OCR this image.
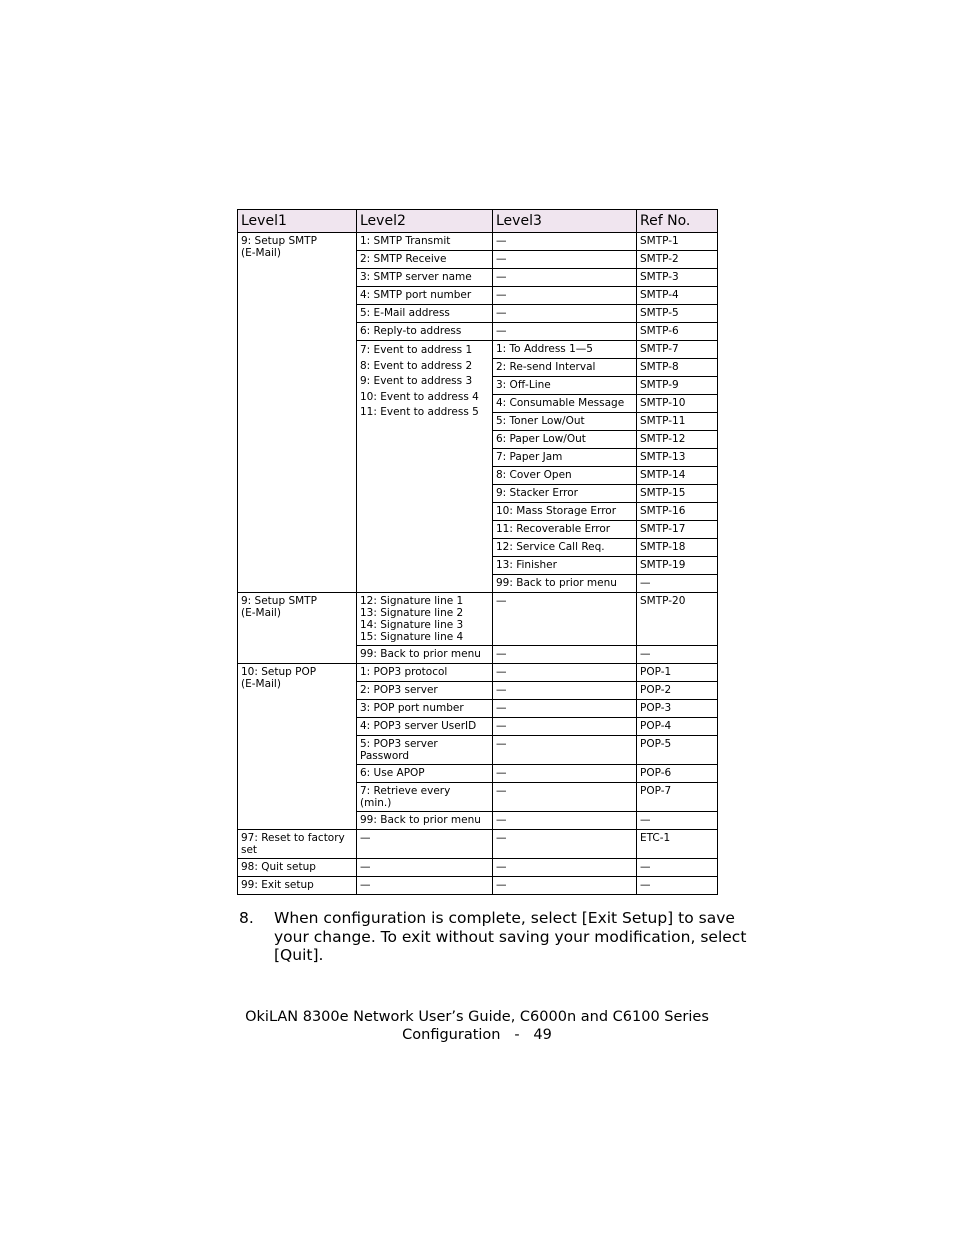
Level1	Level2	Level3	Ref No.
9: Setup SMTP
(E-Mail)	1: SMTP Transmit	—	SMTP-1
	2: SMTP Receive	—	SMTP-2
	3: SMTP server name	—	SMTP-3
	4: SMTP port number	—	SMTP-4
	5: E-Mail address	—	SMTP-5
	6: Reply-to address	—	SMTP-6
	7: Event to address 1
8: Event to address 2
9: Event to address 3
10: Event to address 4
11: Event to address 5	1: To Address 1—5	SMTP-7
		2: Re-send Interval	SMTP-8
		3: Off-Line	SMTP-9
		4: Consumable Message	SMTP-10
		5: Toner Low/Out	SMTP-11
		6: Paper Low/Out	SMTP-12
		7: Paper Jam	SMTP-13
		8: Cover Open	SMTP-14
		9: Stacker Error	SMTP-15
		10: Mass Storage Error	SMTP-16
		11: Recoverable Error	SMTP-17
		12: Service Call Req.	SMTP-18
		13: Finisher	SMTP-19
		99: Back to prior menu	—
9: Setup SMTP
(E-Mail)	12: Signature line 1
13: Signature line 2
14: Signature line 3
15: Signature line 4	—	SMTP-20
	99: Back to prior menu	—	—
10: Setup POP
(E-Mail)	1: POP3 protocol	—	POP-1
	2: POP3 server	—	POP-2
	3: POP port number	—	POP-3
	4: POP3 server UserID	—	POP-4
	5: POP3 server
Password	—	POP-5
	6: Use APOP	—	POP-6
	7: Retrieve every
(min.)	—	POP-7
	99: Back to prior menu	—	—
97: Reset to factory set	—	—	ETC-1
98: Quit setup	—	—	—
99: Exit setup	—	—	—
8. When configuration is complete, select [Exit Setup] to save your change. To exit without saving your modification, select [Quit].
OkiLAN 8300e Network User’s Guide, C6000n and C6100 Series
Configuration   -   49
